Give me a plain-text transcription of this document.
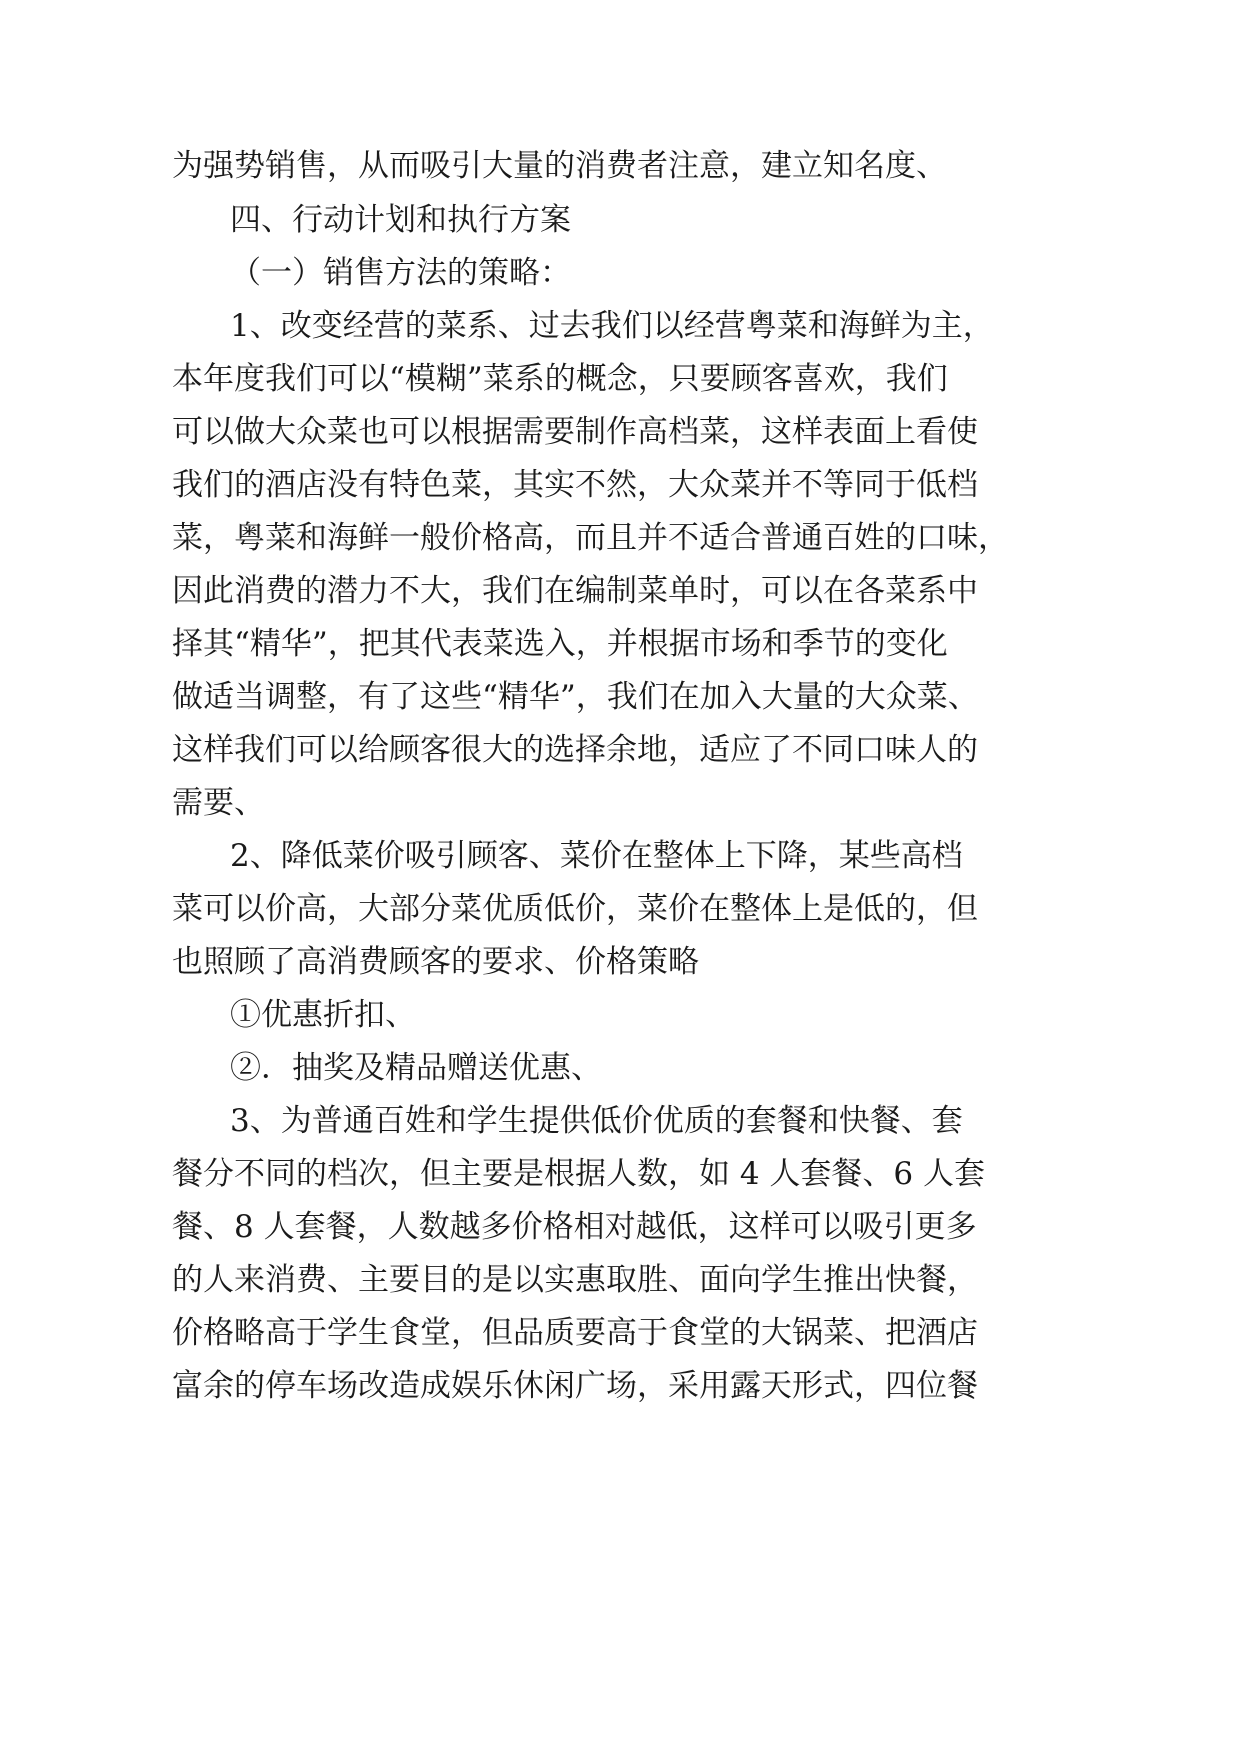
为强势销售，从而吸引大量的消费者注意，建立知名度、
四、行动计划和执行方案
（一）销售方法的策略：
1、改变经营的菜系、过去我们以经营粤菜和海鲜为主，
本年度我们可以“模糊”菜系的概念，只要顾客喜欢，我们
可以做大众菜也可以根据需要制作高档菜，这样表面上看使
我们的酒店没有特色菜，其实不然，大众菜并不等同于低档
菜，粤菜和海鲜一般价格高，而且并不适合普通百姓的口味，
因此消费的潜力不大，我们在编制菜单时，可以在各菜系中
择其“精华”，把其代表菜选入，并根据市场和季节的变化
做适当调整，有了这些“精华”，我们在加入大量的大众菜、
这样我们可以给顾客很大的选择余地，适应了不同口味人的
需要、
2、降低菜价吸引顾客、菜价在整体上下降，某些高档
菜可以价高，大部分菜优质低价，菜价在整体上是低的，但
也照顾了高消费顾客的要求、价格策略
①优惠折扣、
②．抽奖及精品赠送优惠、
3、为普通百姓和学生提供低价优质的套餐和快餐、套
餐分不同的档次，但主要是根据人数，如 4 人套餐、6 人套
餐、8 人套餐，人数越多价格相对越低，这样可以吸引更多
的人来消费、主要目的是以实惠取胜、面向学生推出快餐，
价格略高于学生食堂，但品质要高于食堂的大锅菜、把酒店
富余的停车场改造成娱乐休闲广场，采用露天形式，四位餐
